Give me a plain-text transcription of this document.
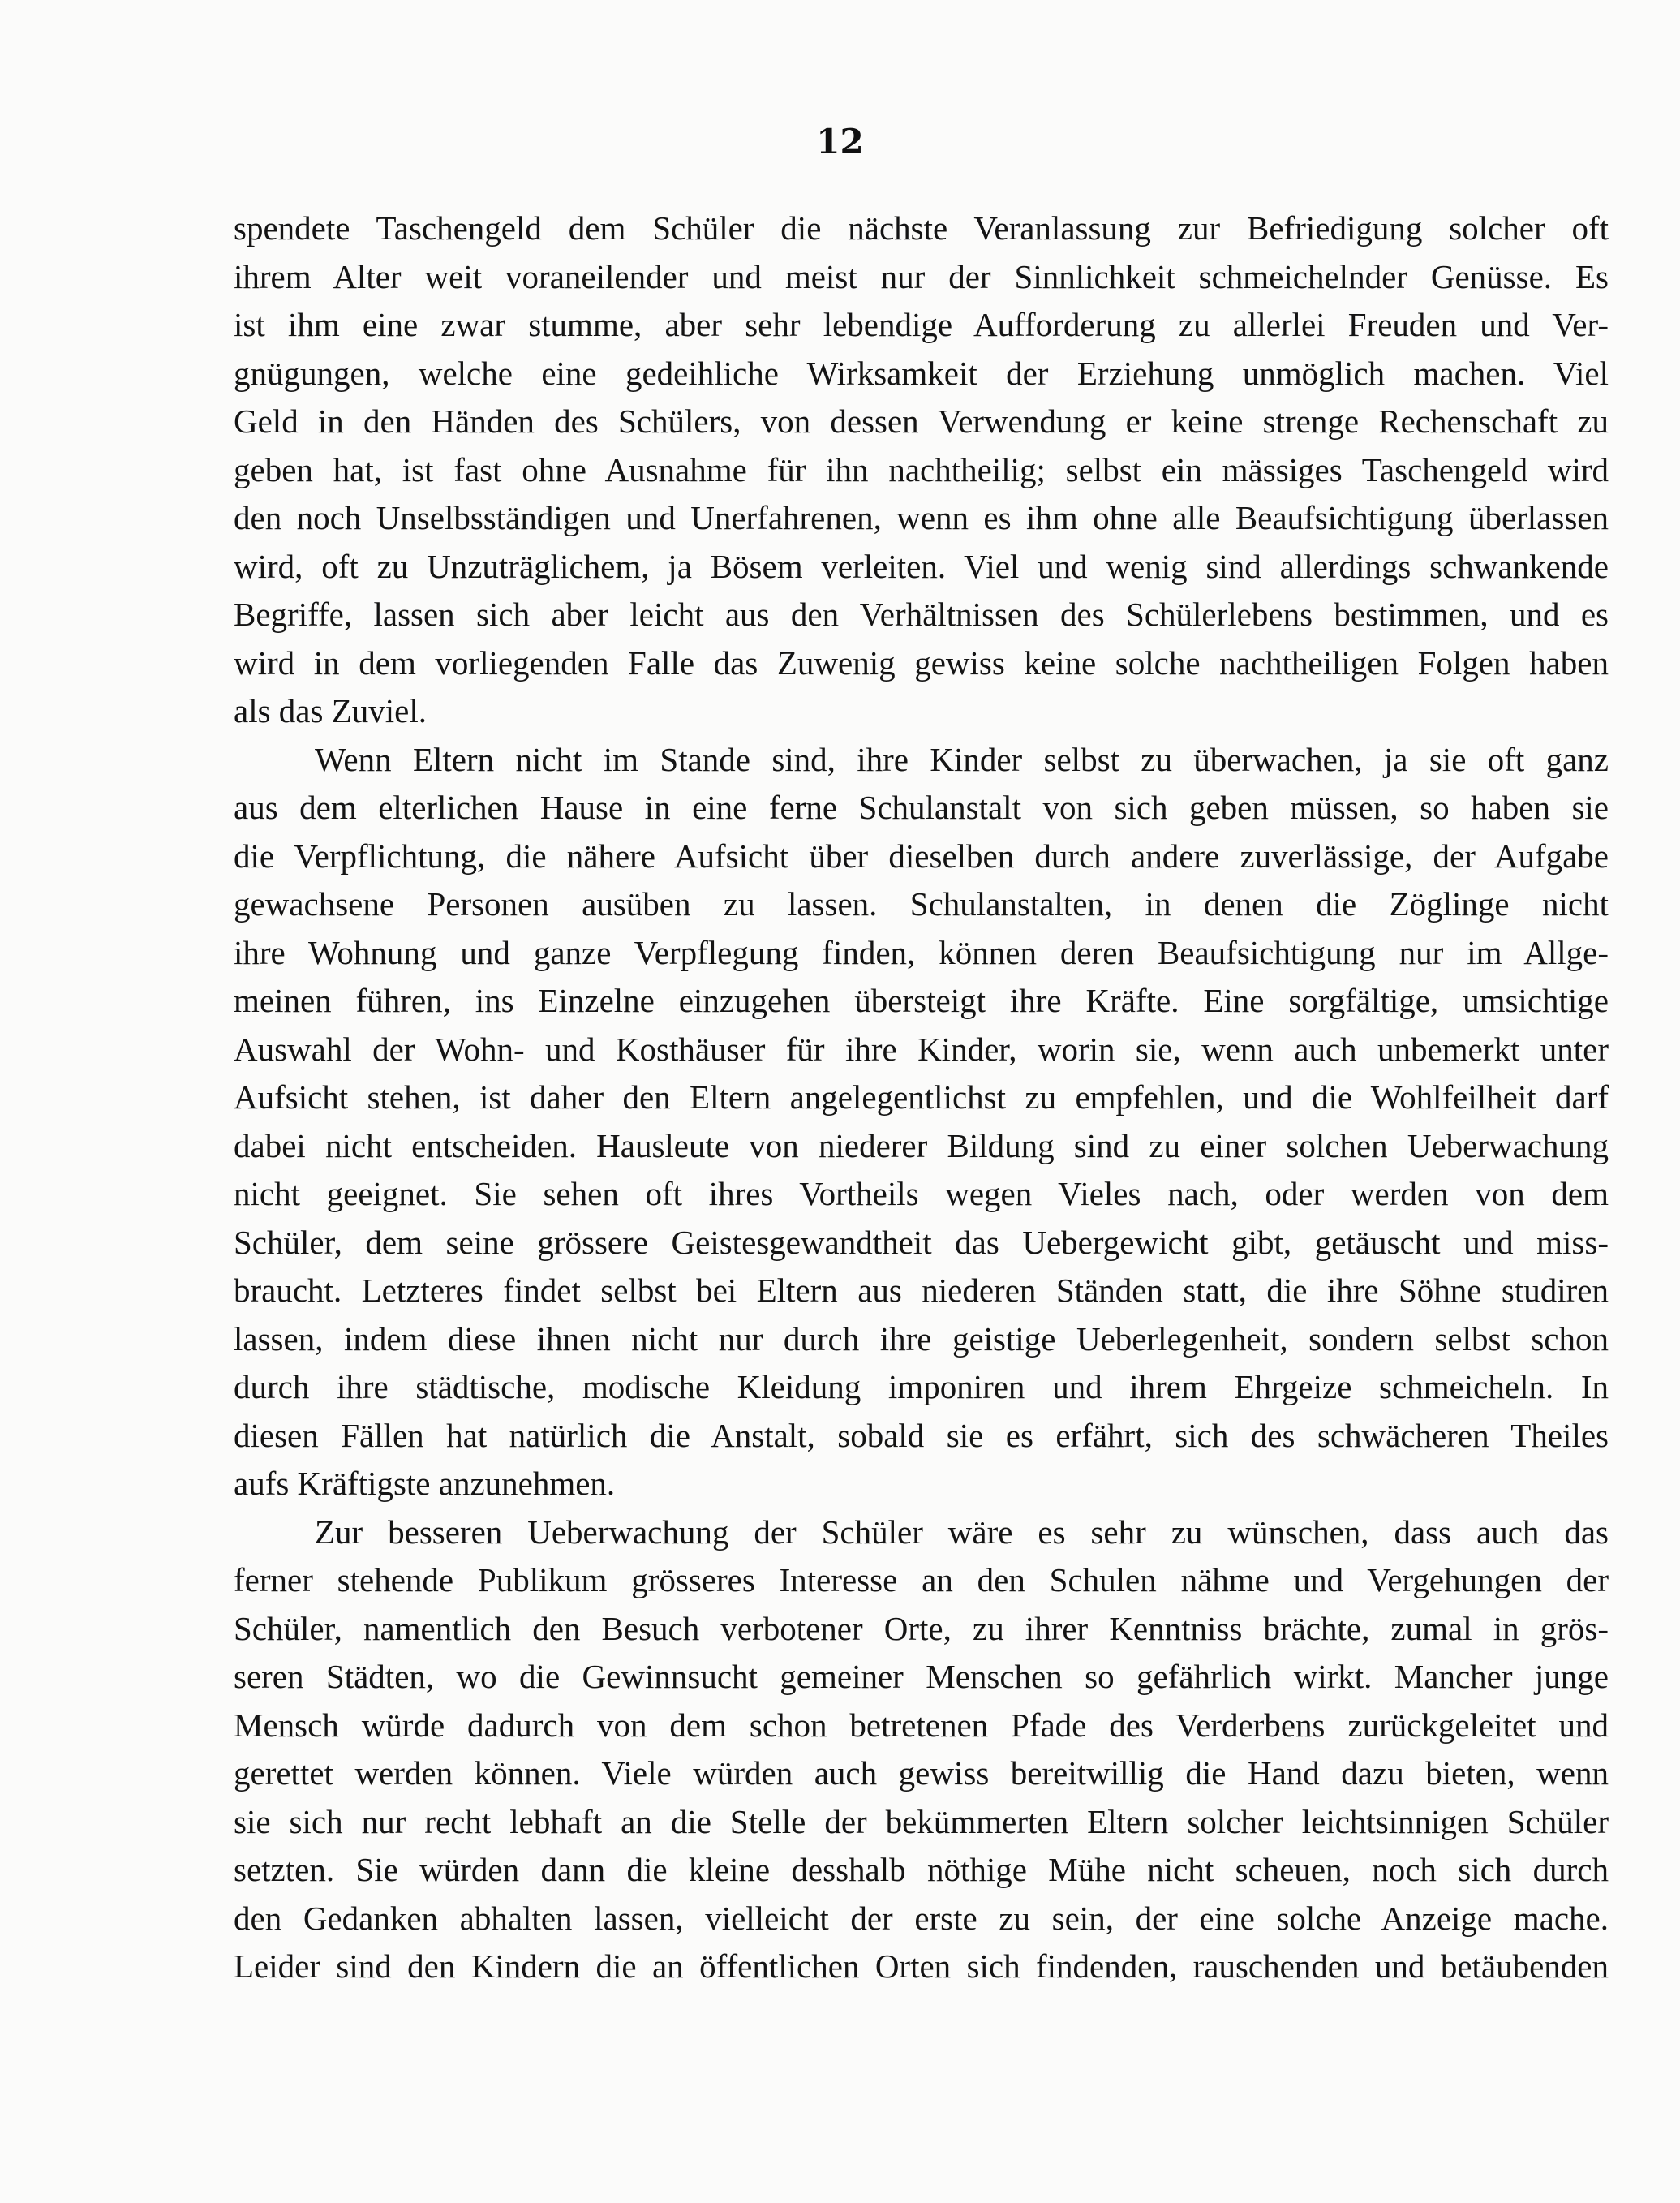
12

spendete Taschengeld dem Schüler die nächste Veranlassung zur Befriedigung solcher oft
ihrem Alter weit voraneilender und meist nur der Sinnlichkeit schmeichelnder Genüsse. Es
ist ihm eine zwar stumme, aber sehr lebendige Aufforderung zu allerlei Freuden und Ver-
gnügungen, welche eine gedeihliche Wirksamkeit der Erziehung unmöglich machen. Viel
Geld in den Händen des Schülers, von dessen Verwendung er keine strenge Rechenschaft zu
geben hat, ist fast ohne Ausnahme für ihn nachtheilig; selbst ein mässiges Taschengeld wird
den noch Unselbsständigen und Unerfahrenen, wenn es ihm ohne alle Beaufsichtigung überlassen
wird, oft zu Unzuträglichem, ja Bösem verleiten. Viel und wenig sind allerdings schwankende
Begriffe, lassen sich aber leicht aus den Verhältnissen des Schülerlebens bestimmen, und es
wird in dem vorliegenden Falle das Zuwenig gewiss keine solche nachtheiligen Folgen haben
als das Zuviel.

Wenn Eltern nicht im Stande sind, ihre Kinder selbst zu überwachen, ja sie oft ganz
aus dem elterlichen Hause in eine ferne Schulanstalt von sich geben müssen, so haben sie
die Verpflichtung, die nähere Aufsicht über dieselben durch andere zuverlässige, der Aufgabe
gewachsene Personen ausüben zu lassen. Schulanstalten, in denen die Zöglinge nicht
ihre Wohnung und ganze Verpflegung finden, können deren Beaufsichtigung nur im Allge-
meinen führen, ins Einzelne einzugehen übersteigt ihre Kräfte. Eine sorgfältige, umsichtige
Auswahl der Wohn- und Kosthäuser für ihre Kinder, worin sie, wenn auch unbemerkt unter
Aufsicht stehen, ist daher den Eltern angelegentlichst zu empfehlen, und die Wohlfeilheit darf
dabei nicht entscheiden. Hausleute von niederer Bildung sind zu einer solchen Ueberwachung
nicht geeignet. Sie sehen oft ihres Vortheils wegen Vieles nach, oder werden von dem
Schüler, dem seine grössere Geistesgewandtheit das Uebergewicht gibt, getäuscht und miss-
braucht. Letzteres findet selbst bei Eltern aus niederen Ständen statt, die ihre Söhne studiren
lassen, indem diese ihnen nicht nur durch ihre geistige Ueberlegenheit, sondern selbst schon
durch ihre städtische, modische Kleidung imponiren und ihrem Ehrgeize schmeicheln. In
diesen Fällen hat natürlich die Anstalt, sobald sie es erfährt, sich des schwächeren Theiles
aufs Kräftigste anzunehmen.

Zur besseren Ueberwachung der Schüler wäre es sehr zu wünschen, dass auch das
ferner stehende Publikum grösseres Interesse an den Schulen nähme und Vergehungen der
Schüler, namentlich den Besuch verbotener Orte, zu ihrer Kenntniss brächte, zumal in grös-
seren Städten, wo die Gewinnsucht gemeiner Menschen so gefährlich wirkt. Mancher junge
Mensch würde dadurch von dem schon betretenen Pfade des Verderbens zurückgeleitet und
gerettet werden können. Viele würden auch gewiss bereitwillig die Hand dazu bieten, wenn
sie sich nur recht lebhaft an die Stelle der bekümmerten Eltern solcher leichtsinnigen Schüler
setzten. Sie würden dann die kleine desshalb nöthige Mühe nicht scheuen, noch sich durch
den Gedanken abhalten lassen, vielleicht der erste zu sein, der eine solche Anzeige mache.
Leider sind den Kindern die an öffentlichen Orten sich findenden, rauschenden und betäubenden
